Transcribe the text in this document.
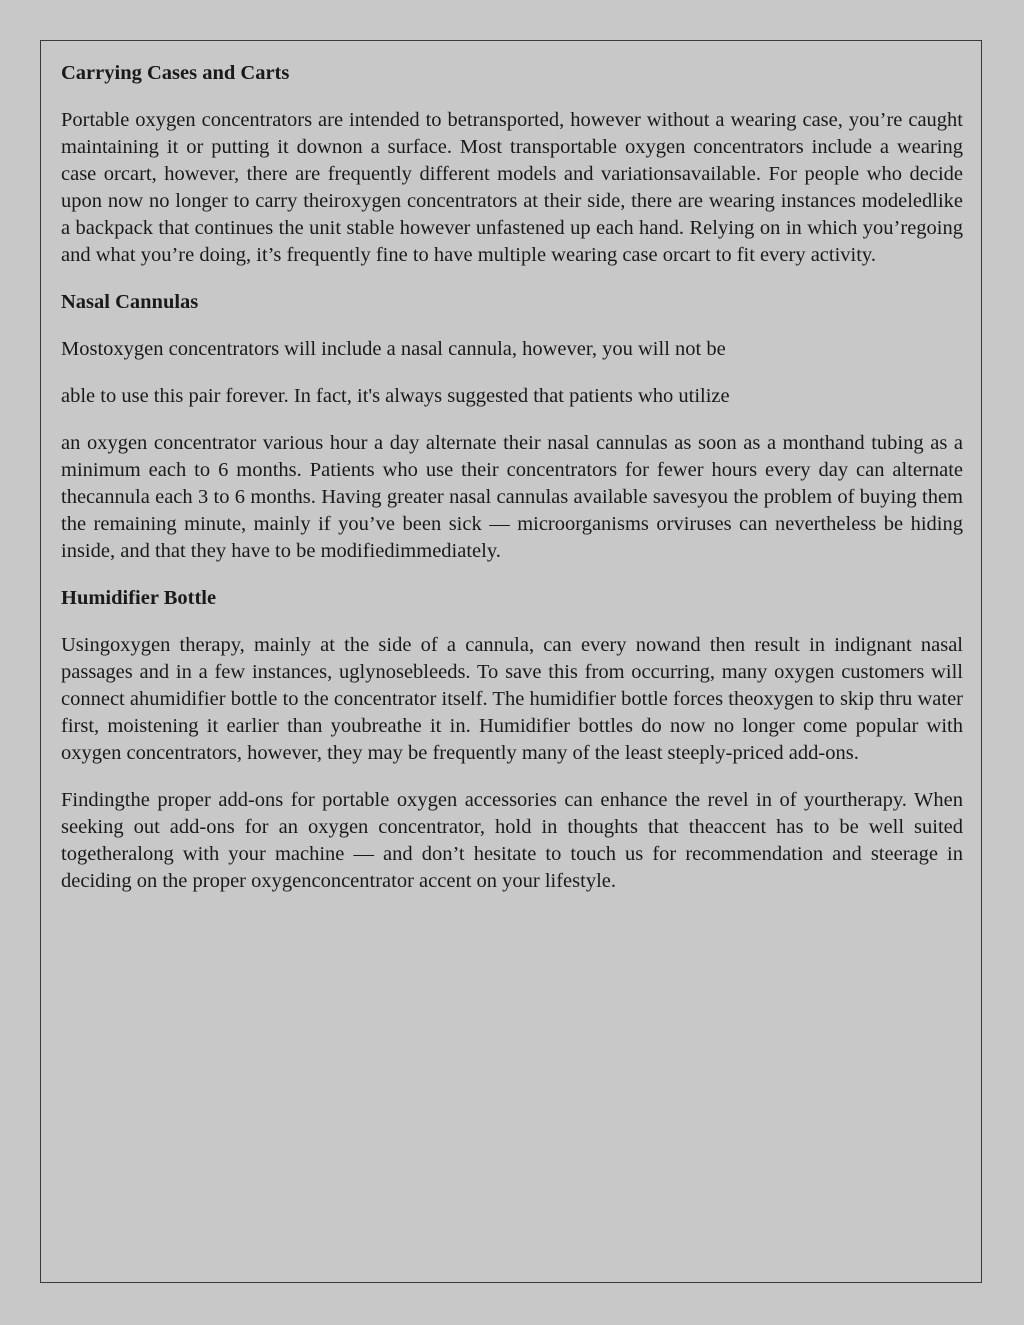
Carrying Cases and Carts

Portable oxygen concentrators are intended to betransported, however without a wearing case, you’re caught maintaining it or putting it downon a surface. Most transportable oxygen concentrators include a wearing case orcart, however, there are frequently different models and variationsavailable. For people who decide upon now no longer to carry theiroxygen concentrators at their side, there are wearing instances modeledlike a backpack that continues the unit stable however unfastened up each hand. Relying on in which you’regoing and what you’re doing, it’s frequently fine to have multiple wearing case orcart to fit every activity.

Nasal Cannulas

Mostoxygen concentrators will include a nasal cannula, however, you will not be

able to use this pair forever. In fact, it's always suggested that patients who utilize

an oxygen concentrator various hour a day alternate their nasal cannulas as soon as a monthand tubing as a minimum each to 6 months. Patients who use their concentrators for fewer hours every day can alternate thecannula each 3 to 6 months. Having greater nasal cannulas available savesyou the problem of buying them the remaining minute, mainly if you’ve been sick — microorganisms orviruses can nevertheless be hiding inside, and that they have to be modifiedimmediately.

Humidifier Bottle

Usingoxygen therapy, mainly at the side of a cannula, can every nowand then result in indignant nasal passages and in a few instances, uglynosebleeds. To save this from occurring, many oxygen customers will connect ahumidifier bottle to the concentrator itself. The humidifier bottle forces theoxygen to skip thru water first, moistening it earlier than youbreathe it in. Humidifier bottles do now no longer come popular with oxygen concentrators, however, they may be frequently many of the least steeply-priced add-ons.

Findingthe proper add-ons for portable oxygen accessories can enhance the revel in of yourtherapy. When seeking out add-ons for an oxygen concentrator, hold in thoughts that theaccent has to be well suited togetheralong with your machine — and don’t hesitate to touch us for recommendation and steerage in deciding on the proper oxygenconcentrator accent on your lifestyle.
